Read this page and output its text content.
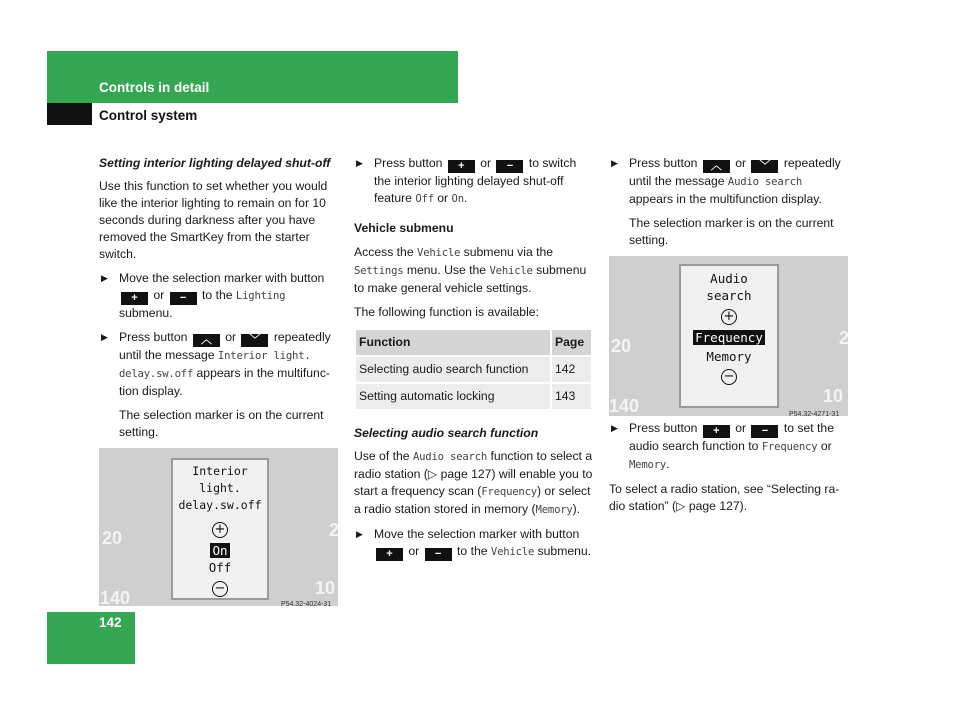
Controls in detail
Control system

Setting interior lighting delayed shut-off

Use this function to set whether you would like the interior lighting to remain on for 10 seconds during darkness after you have removed the SmartKey from the starter switch.

▶ Move the selection marker with button + or − to the Lighting submenu.

▶ Press button ︿ or ﹀ repeatedly until the message Interior light. delay.sw.off appears in the multifunc-tion display.

The selection marker is on the current setting.

Interior light.
delay.sw.off
+
On
Off
−
20
140	10
2
P54.32-4024-31

▶ Press button + or − to switch the interior lighting delayed shut-off feature Off or On.

Vehicle submenu

Access the Vehicle submenu via the Settings menu. Use the Vehicle submenu to make general vehicle settings.

The following function is available:

Function	Page
Selecting audio search function	142
Setting automatic locking	143

Selecting audio search function

Use of the Audio search function to select a radio station (▷ page 127) will enable you to start a frequency scan (Frequency) or select a radio station stored in memory (Memory).

▶ Move the selection marker with button + or − to the Vehicle submenu.

▶ Press button ︿ or ﹀ repeatedly until the message Audio search appears in the multifunction display.

The selection marker is on the current setting.

Audio
search
+
Frequency
Memory
−
20
140	10
2
P54.32-4271-31

▶ Press button + or − to set the audio search function to Frequency or Memory.

To select a radio station, see “Selecting ra-dio station” (▷ page 127).

142
